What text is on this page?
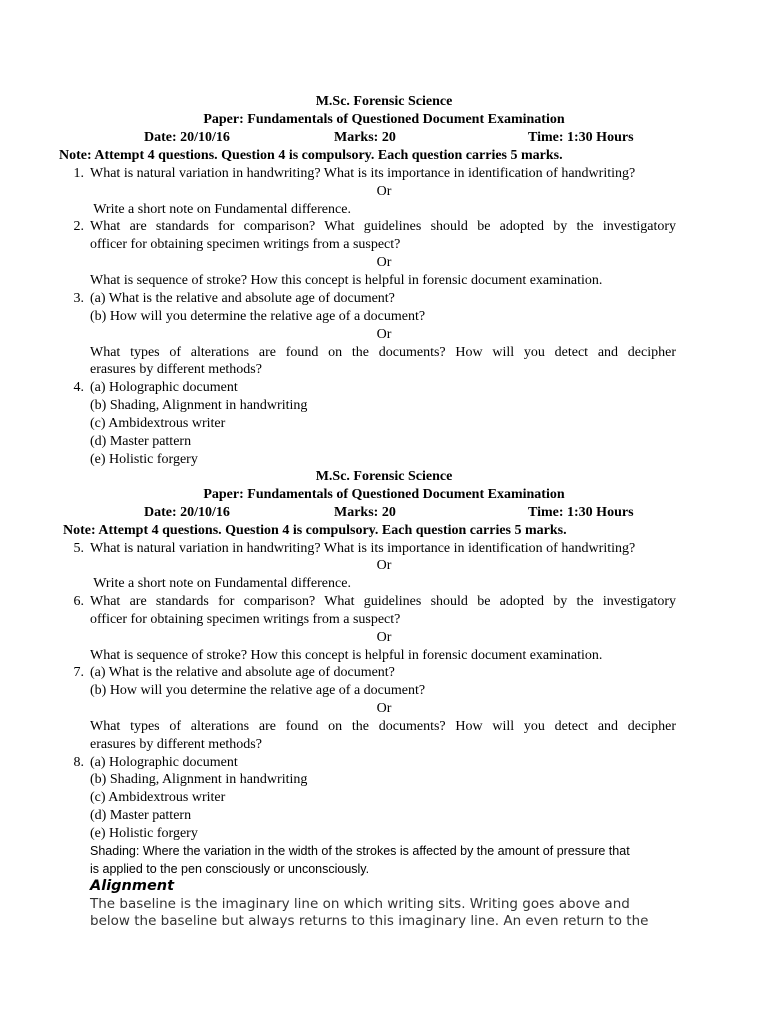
M.Sc. Forensic Science
Paper: Fundamentals of Questioned Document Examination
Date: 20/10/16	Marks: 20	Time: 1:30 Hours
Note: Attempt 4 questions. Question 4 is compulsory. Each question carries 5 marks.
1. What is natural variation in handwriting? What is its importance in identification of handwriting?
Or
Write a short note on Fundamental difference.
2. What are standards for comparison? What guidelines should be adopted by the investigatory
officer for obtaining specimen writings from a suspect?
Or
What is sequence of stroke? How this concept is helpful in forensic document examination.
3. (a) What is the relative and absolute age of document?
(b) How will you determine the relative age of a document?
Or
What types of alterations are found on the documents? How will you detect and decipher
erasures by different methods?
4. (a) Holographic document
(b) Shading, Alignment in handwriting
(c) Ambidextrous writer
(d) Master pattern
(e) Holistic forgery
M.Sc. Forensic Science
Paper: Fundamentals of Questioned Document Examination
Date: 20/10/16	Marks: 20	Time: 1:30 Hours
Note: Attempt 4 questions. Question 4 is compulsory. Each question carries 5 marks.
5. What is natural variation in handwriting? What is its importance in identification of handwriting?
Or
Write a short note on Fundamental difference.
6. What are standards for comparison? What guidelines should be adopted by the investigatory
officer for obtaining specimen writings from a suspect?
Or
What is sequence of stroke? How this concept is helpful in forensic document examination.
7. (a) What is the relative and absolute age of document?
(b) How will you determine the relative age of a document?
Or
What types of alterations are found on the documents? How will you detect and decipher
erasures by different methods?
8. (a) Holographic document
(b) Shading, Alignment in handwriting
(c) Ambidextrous writer
(d) Master pattern
(e) Holistic forgery
Shading: Where the variation in the width of the strokes is affected by the amount of pressure that
is applied to the pen consciously or unconsciously.
Alignment
The baseline is the imaginary line on which writing sits. Writing goes above and
below the baseline but always returns to this imaginary line. An even return to the
